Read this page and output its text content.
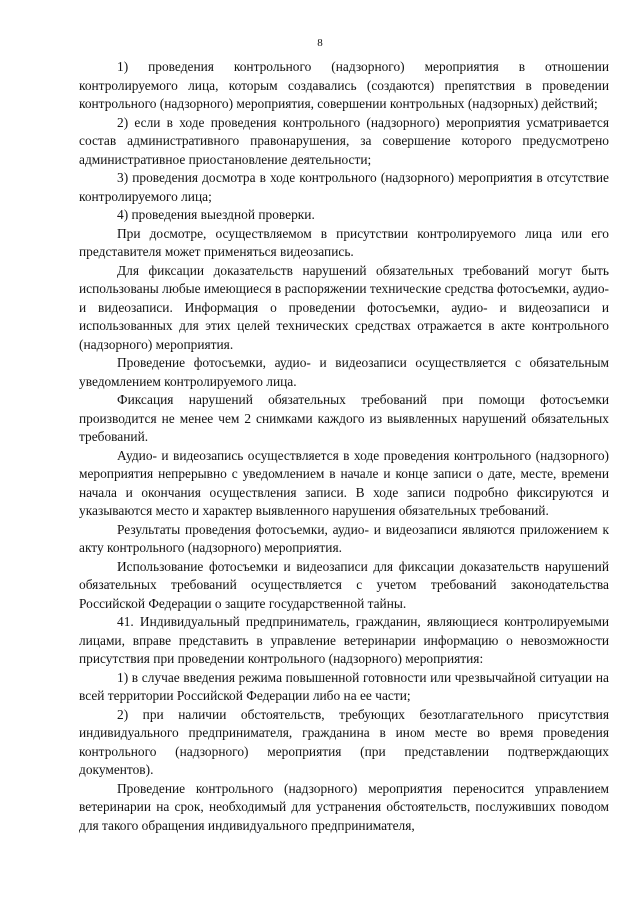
8

1) проведения контрольного (надзорного) мероприятия в отношении контролируемого лица, которым создавались (создаются) препятствия в проведении контрольного (надзорного) мероприятия, совершении контрольных (надзорных) действий;

2) если в ходе проведения контрольного (надзорного) мероприятия усматривается состав административного правонарушения, за совершение которого предусмотрено административное приостановление деятельности;

3) проведения досмотра в ходе контрольного (надзорного) мероприятия в отсутствие контролируемого лица;

4) проведения выездной проверки.

При досмотре, осуществляемом в присутствии контролируемого лица или его представителя может применяться видеозапись.

Для фиксации доказательств нарушений обязательных требований могут быть использованы любые имеющиеся в распоряжении технические средства фотосъемки, аудио- и видеозаписи. Информация о проведении фотосъемки, аудио- и видеозаписи и использованных для этих целей технических средствах отражается в акте контрольного (надзорного) мероприятия.

Проведение фотосъемки, аудио- и видеозаписи осуществляется с обязательным уведомлением контролируемого лица.

Фиксация нарушений обязательных требований при помощи фотосъемки производится не менее чем 2 снимками каждого из выявленных нарушений обязательных требований.

Аудио- и видеозапись осуществляется в ходе проведения контрольного (надзорного) мероприятия непрерывно с уведомлением в начале и конце записи о дате, месте, времени начала и окончания осуществления записи. В ходе записи подробно фиксируются и указываются место и характер выявленного нарушения обязательных требований.

Результаты проведения фотосъемки, аудио- и видеозаписи являются приложением к акту контрольного (надзорного) мероприятия.

Использование фотосъемки и видеозаписи для фиксации доказательств нарушений обязательных требований осуществляется с учетом требований законодательства Российской Федерации о защите государственной тайны.

41. Индивидуальный предприниматель, гражданин, являющиеся контролируемыми лицами, вправе представить в управление ветеринарии информацию о невозможности присутствия при проведении контрольного (надзорного) мероприятия:

1) в случае введения режима повышенной готовности или чрезвычайной ситуации на всей территории Российской Федерации либо на ее части;

2) при наличии обстоятельств, требующих безотлагательного присутствия индивидуального предпринимателя, гражданина в ином месте во время проведения контрольного (надзорного) мероприятия (при представлении подтверждающих документов).

Проведение контрольного (надзорного) мероприятия переносится управлением ветеринарии на срок, необходимый для устранения обстоятельств, послуживших поводом для такого обращения индивидуального предпринимателя,
